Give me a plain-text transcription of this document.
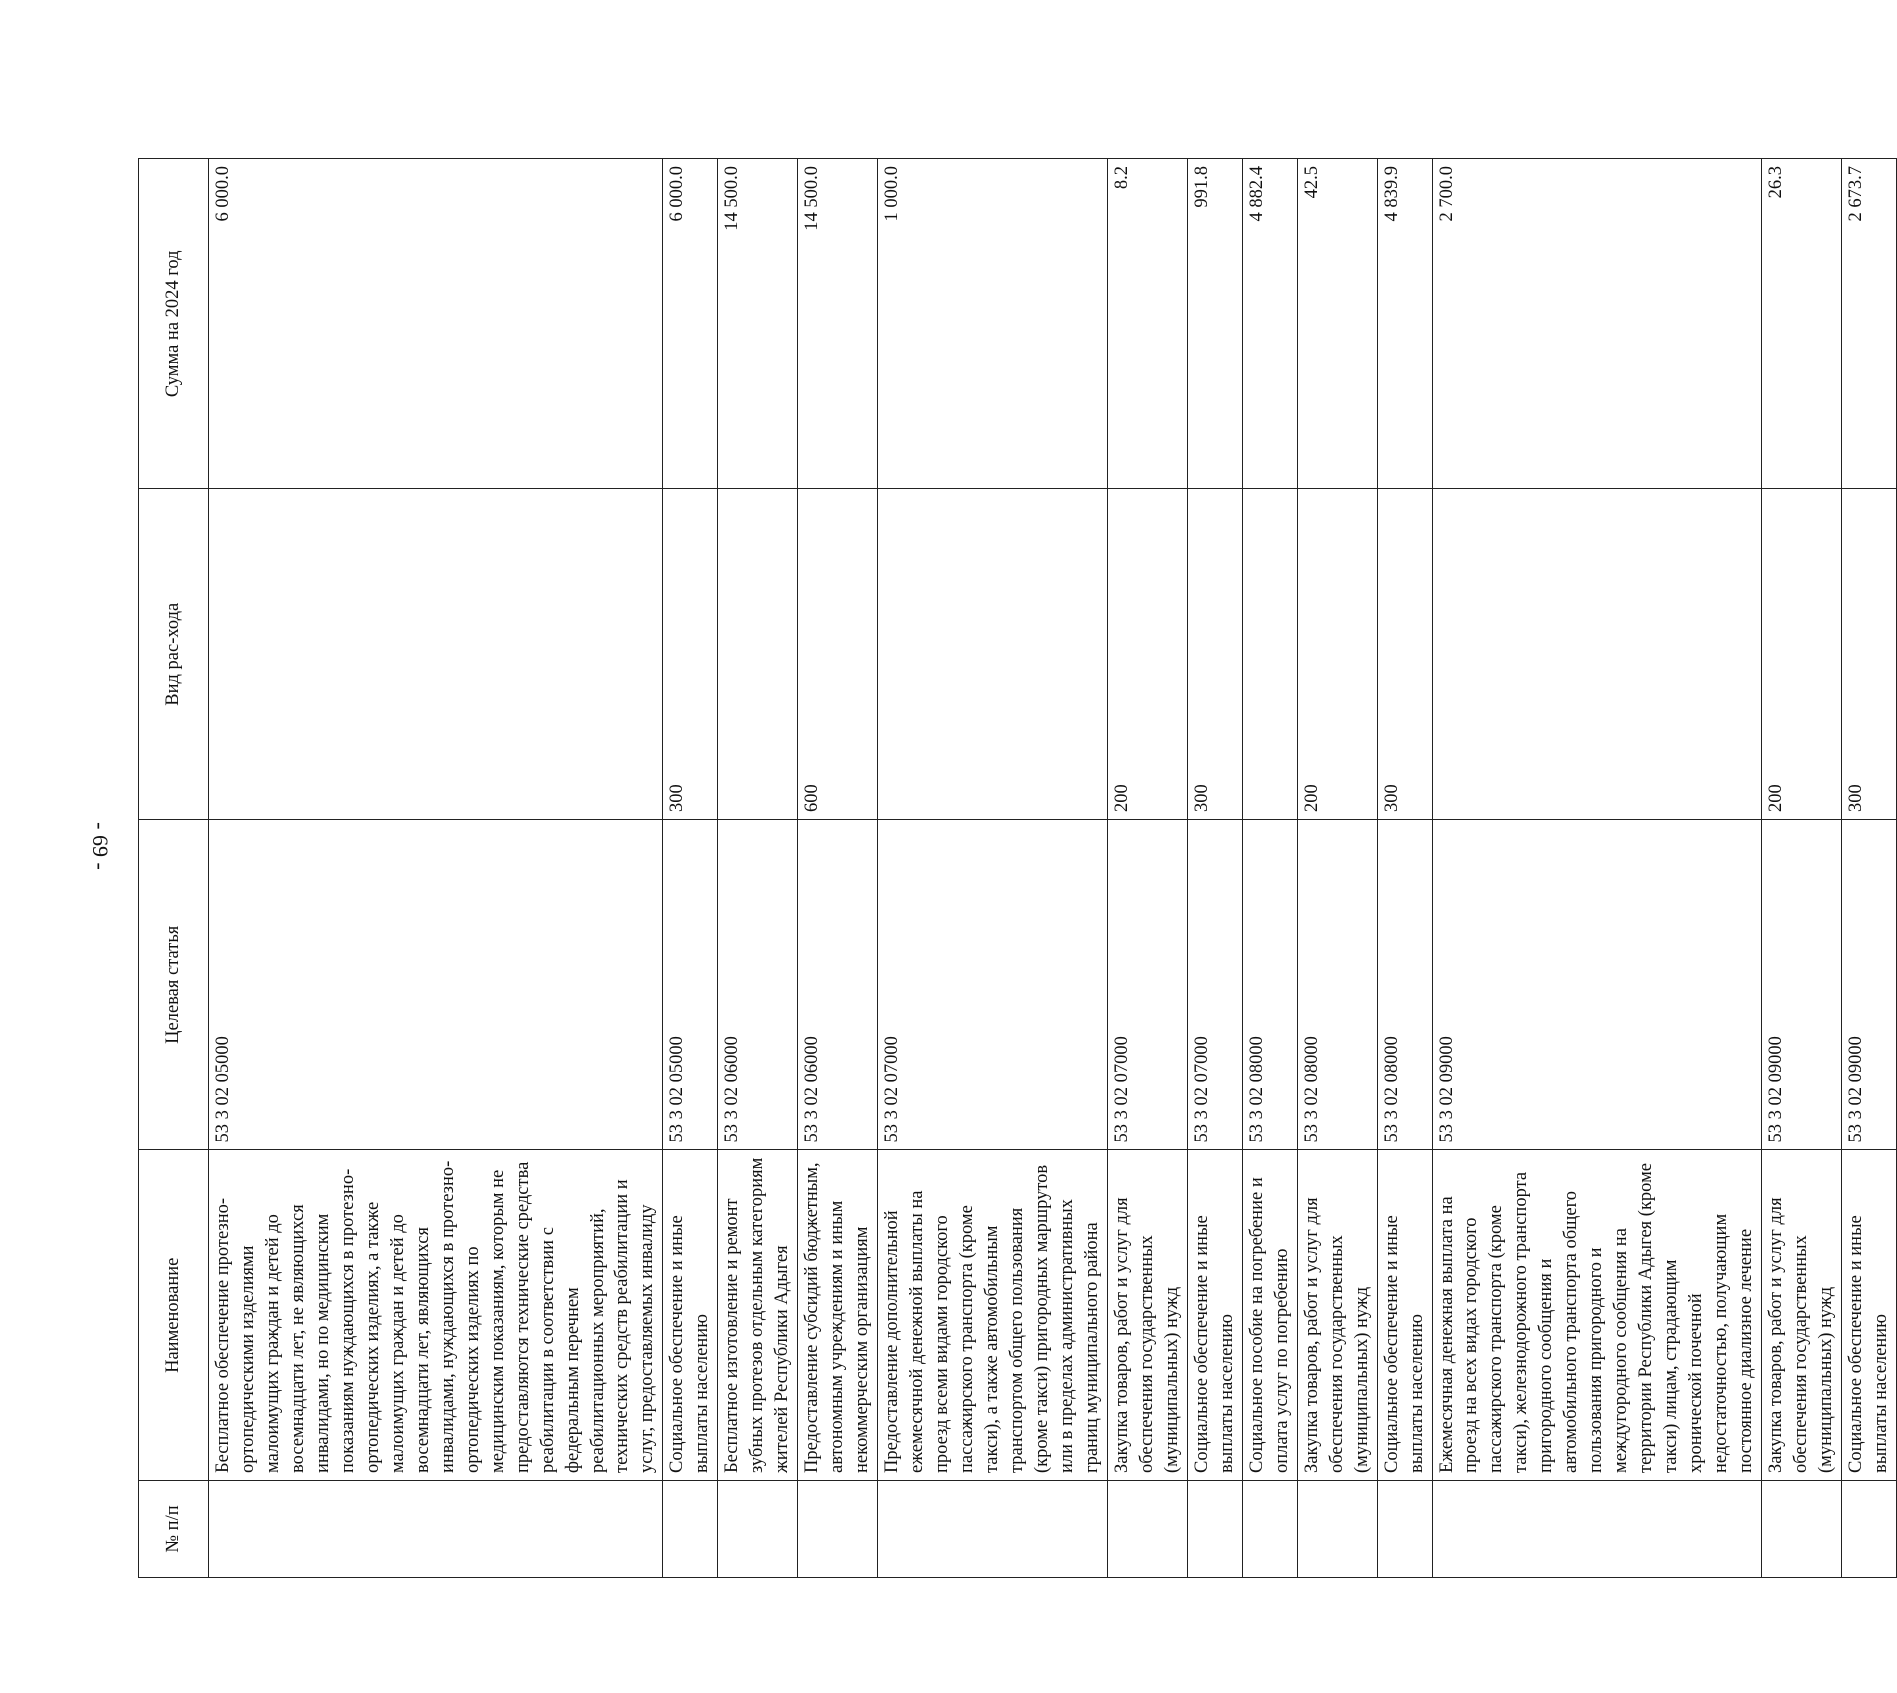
- 69 -
№ п/п	Наименование	Целевая статья	Вид рас-хода	Сумма на 2024 год
	Бесплатное обеспечение протезно-ортопедическими изделиями малоимущих граждан и детей до восемнадцати лет, не являющихся инвалидами, но по медицинским показаниям нуждающихся в протезно-ортопедических изделиях, а также малоимущих граждан и детей до восемнадцати лет, являющихся инвалидами, нуждающихся в протезно-ортопедических изделиях по медицинским показаниям, которым не предоставляются технические средства реабилитации в соответствии с федеральным перечнем реабилитационных мероприятий, технических средств реабилитации и услуг, предоставляемых инвалиду	53 3 02 05000		6 000.0
	Социальное обеспечение и иные выплаты населению	53 3 02 05000	300	6 000.0
	Бесплатное изготовление и ремонт зубных протезов отдельным категориям жителей Республики Адыгея	53 3 02 06000		14 500.0
	Предоставление субсидий бюджетным, автономным учреждениям и иным некоммерческим организациям	53 3 02 06000	600	14 500.0
	Предоставление дополнительной ежемесячной денежной выплаты на проезд всеми видами городского пассажирского транспорта (кроме такси), а также автомобильным транспортом общего пользования (кроме такси) пригородных маршрутов или в пределах административных границ муниципального района	53 3 02 07000		1 000.0
	Закупка товаров, работ и услуг для обеспечения государственных (муниципальных) нужд	53 3 02 07000	200	8.2
	Социальное обеспечение и иные выплаты населению	53 3 02 07000	300	991.8
	Социальное пособие на погребение и оплата услуг по погребению	53 3 02 08000		4 882.4
	Закупка товаров, работ и услуг для обеспечения государственных (муниципальных) нужд	53 3 02 08000	200	42.5
	Социальное обеспечение и иные выплаты населению	53 3 02 08000	300	4 839.9
	Ежемесячная денежная выплата на проезд на всех видах городского пассажирского транспорта (кроме такси), железнодорожного транспорта пригородного сообщения и автомобильного транспорта общего пользования пригородного и междугородного сообщения на территории Республики Адыгея (кроме такси) лицам, страдающим хронической почечной недостаточностью, получающим постоянное диализное лечение	53 3 02 09000		2 700.0
	Закупка товаров, работ и услуг для обеспечения государственных (муниципальных) нужд	53 3 02 09000	200	26.3
	Социальное обеспечение и иные выплаты населению	53 3 02 09000	300	2 673.7
